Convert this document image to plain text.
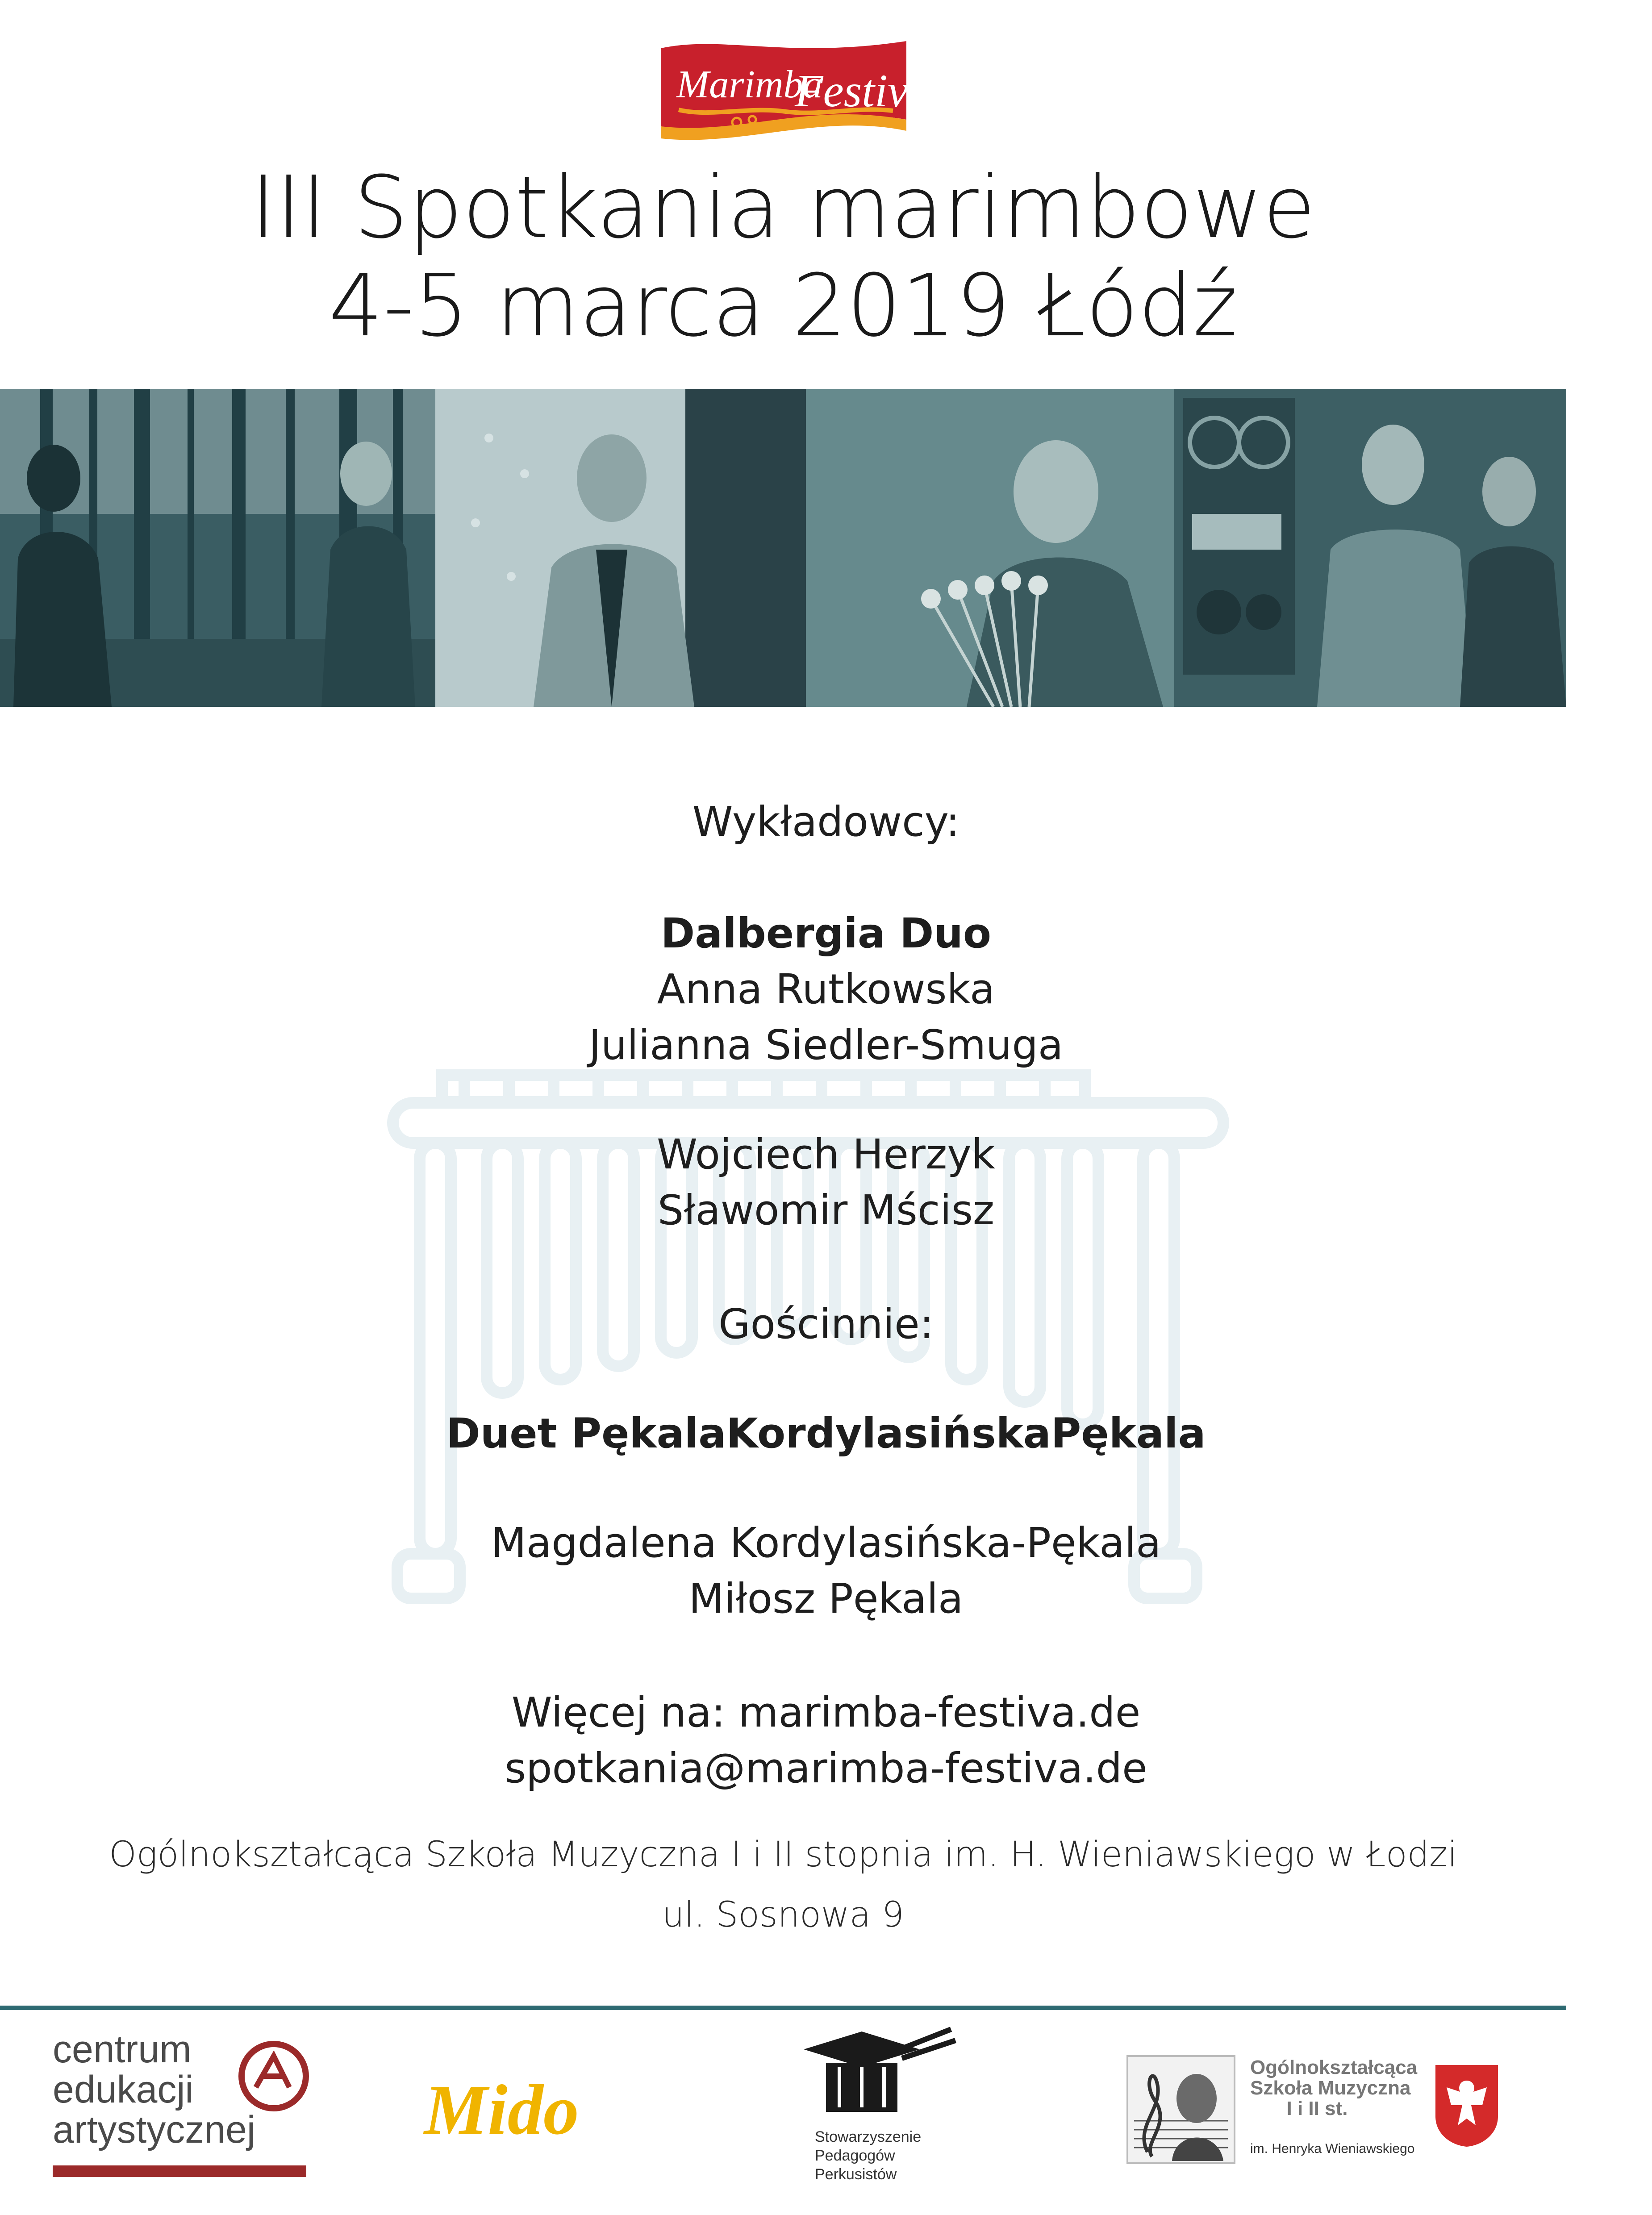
Marimba
Festiva
III Spotkania marimbowe
4-5 marca 2019 Łódź
Wykładowcy:
Dalbergia Duo
Anna Rutkowska
Julianna Siedler-Smuga
Wojciech Herzyk
Sławomir Mścisz
Gościnnie:
Duet PękalaKordylasińskaPękala
Magdalena Kordylasińska-Pękala
Miłosz Pękala
Więcej na: marimba-festiva.de
spotkania@marimba-festiva.de
Ogólnokształcąca Szkoła Muzyczna I i II stopnia im. H. Wieniawskiego w Łodzi
ul. Sosnowa 9
centrum
edukacji
artystycznej Mido	Stowarzyszenie
Pedagogów
Perkusistów
Ogólnokształcąca
Szkoła Muzyczna
I i II st.
im. Henryka Wieniawskiego
